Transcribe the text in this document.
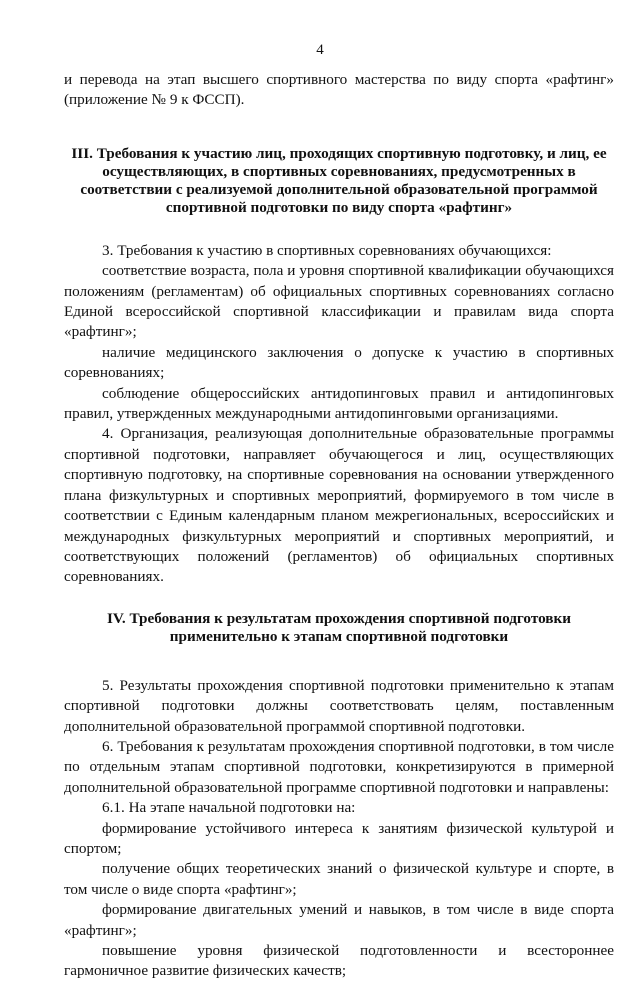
4

и перевода на этап высшего спортивного мастерства по виду спорта «рафтинг» (приложение № 9 к ФССП).

III. Требования к участию лиц, проходящих спортивную подготовку, и лиц, ее осуществляющих, в спортивных соревнованиях, предусмотренных в соответствии с реализуемой дополнительной образовательной программой спортивной подготовки по виду спорта «рафтинг»

3. Требования к участию в спортивных соревнованиях обучающихся:

соответствие возраста, пола и уровня спортивной квалификации обучающихся положениям (регламентам) об официальных спортивных соревнованиях согласно Единой всероссийской спортивной классификации и правилам вида спорта «рафтинг»;

наличие медицинского заключения о допуске к участию в спортивных соревнованиях;

соблюдение общероссийских антидопинговых правил и антидопинговых правил, утвержденных международными антидопинговыми организациями.

4. Организация, реализующая дополнительные образовательные программы спортивной подготовки, направляет обучающегося и лиц, осуществляющих спортивную подготовку, на спортивные соревнования на основании утвержденного плана физкультурных и спортивных мероприятий, формируемого в том числе в соответствии с Единым календарным планом межрегиональных, всероссийских и международных физкультурных мероприятий и спортивных мероприятий, и соответствующих положений (регламентов) об официальных спортивных соревнованиях.

IV. Требования к результатам прохождения спортивной подготовки применительно к этапам спортивной подготовки

5. Результаты прохождения спортивной подготовки применительно к этапам спортивной подготовки должны соответствовать целям, поставленным дополнительной образовательной программой спортивной подготовки.

6. Требования к результатам прохождения спортивной подготовки, в том числе по отдельным этапам спортивной подготовки, конкретизируются в примерной дополнительной образовательной программе спортивной подготовки и направлены:

6.1. На этапе начальной подготовки на:

формирование устойчивого интереса к занятиям физической культурой и спортом;

получение общих теоретических знаний о физической культуре и спорте, в том числе о виде спорта «рафтинг»;

формирование двигательных умений и навыков, в том числе в виде спорта «рафтинг»;

повышение уровня физической подготовленности и всестороннее гармоничное развитие физических качеств;
